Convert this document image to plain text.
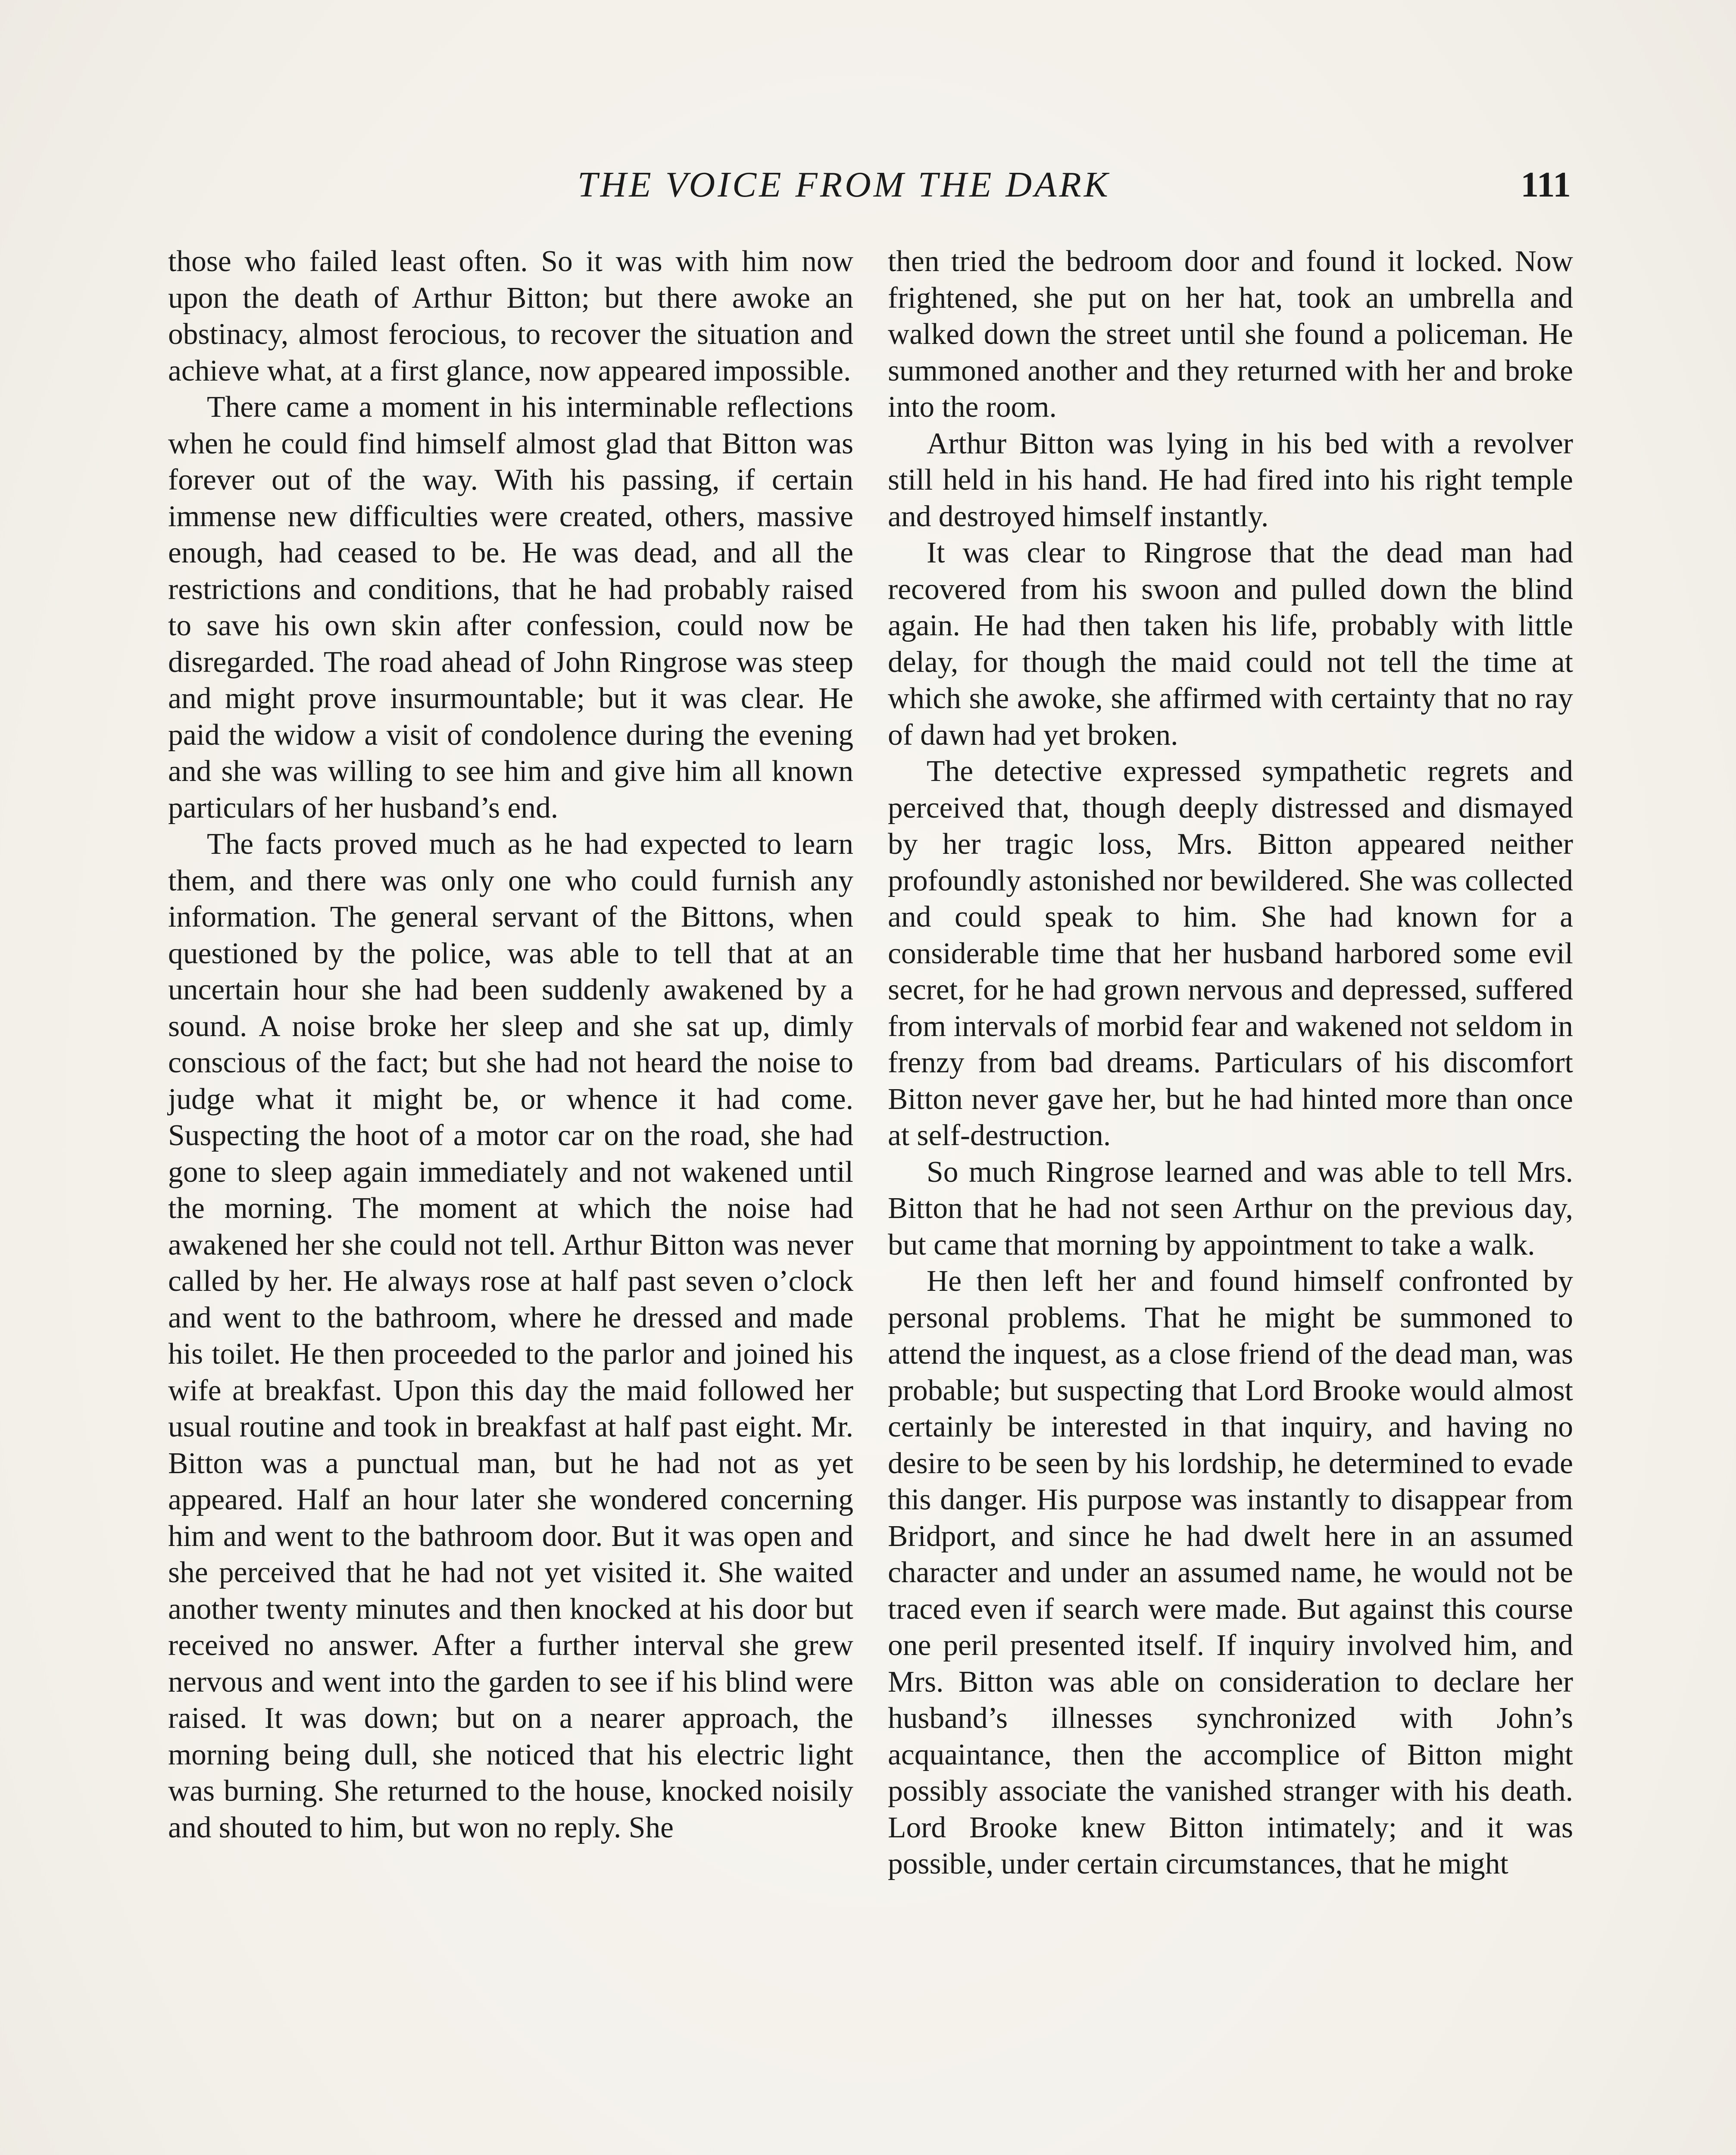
THE VOICE FROM THE DARK	111

those who failed least often. So it was with him now upon the death of Arthur Bitton; but there awoke an obstinacy, almost ferocious, to recover the situation and achieve what, at a first glance, now appeared impossible.

There came a moment in his interminable reflections when he could find himself almost glad that Bitton was forever out of the way. With his passing, if certain immense new difficulties were created, others, massive enough, had ceased to be. He was dead, and all the restrictions and conditions, that he had probably raised to save his own skin after confession, could now be disregarded. The road ahead of John Ringrose was steep and might prove insurmountable; but it was clear. He paid the widow a visit of condolence during the evening and she was willing to see him and give him all known particulars of her husband’s end.

The facts proved much as he had expected to learn them, and there was only one who could furnish any information. The general servant of the Bittons, when questioned by the police, was able to tell that at an uncertain hour she had been suddenly awakened by a sound. A noise broke her sleep and she sat up, dimly conscious of the fact; but she had not heard the noise to judge what it might be, or whence it had come. Suspecting the hoot of a motor car on the road, she had gone to sleep again immediately and not wakened until the morning. The moment at which the noise had awakened her she could not tell. Arthur Bitton was never called by her. He always rose at half past seven o’clock and went to the bathroom, where he dressed and made his toilet. He then proceeded to the parlor and joined his wife at breakfast. Upon this day the maid followed her usual routine and took in breakfast at half past eight. Mr. Bitton was a punctual man, but he had not as yet appeared. Half an hour later she wondered concerning him and went to the bathroom door. But it was open and she perceived that he had not yet visited it. She waited another twenty minutes and then knocked at his door but received no answer. After a further interval she grew nervous and went into the garden to see if his blind were raised. It was down; but on a nearer approach, the morning being dull, she noticed that his electric light was burning. She returned to the house, knocked noisily and shouted to him, but won no reply. She

then tried the bedroom door and found it locked. Now frightened, she put on her hat, took an umbrella and walked down the street until she found a policeman. He summoned another and they returned with her and broke into the room.

Arthur Bitton was lying in his bed with a revolver still held in his hand. He had fired into his right temple and destroyed himself instantly.

It was clear to Ringrose that the dead man had recovered from his swoon and pulled down the blind again. He had then taken his life, probably with little delay, for though the maid could not tell the time at which she awoke, she affirmed with certainty that no ray of dawn had yet broken.

The detective expressed sympathetic regrets and perceived that, though deeply distressed and dismayed by her tragic loss, Mrs. Bitton appeared neither profoundly astonished nor bewildered. She was collected and could speak to him. She had known for a considerable time that her husband harbored some evil secret, for he had grown nervous and depressed, suffered from intervals of morbid fear and wakened not seldom in frenzy from bad dreams. Particulars of his discomfort Bitton never gave her, but he had hinted more than once at self-destruction.

So much Ringrose learned and was able to tell Mrs. Bitton that he had not seen Arthur on the previous day, but came that morning by appointment to take a walk.

He then left her and found himself confronted by personal problems. That he might be summoned to attend the inquest, as a close friend of the dead man, was probable; but suspecting that Lord Brooke would almost certainly be interested in that inquiry, and having no desire to be seen by his lordship, he determined to evade this danger. His purpose was instantly to disappear from Bridport, and since he had dwelt here in an assumed character and under an assumed name, he would not be traced even if search were made. But against this course one peril presented itself. If inquiry involved him, and Mrs. Bitton was able on consideration to declare her husband’s illnesses synchronized with John’s acquaintance, then the accomplice of Bitton might possibly associate the vanished stranger with his death. Lord Brooke knew Bitton intimately; and it was possible, under certain circumstances, that he might
